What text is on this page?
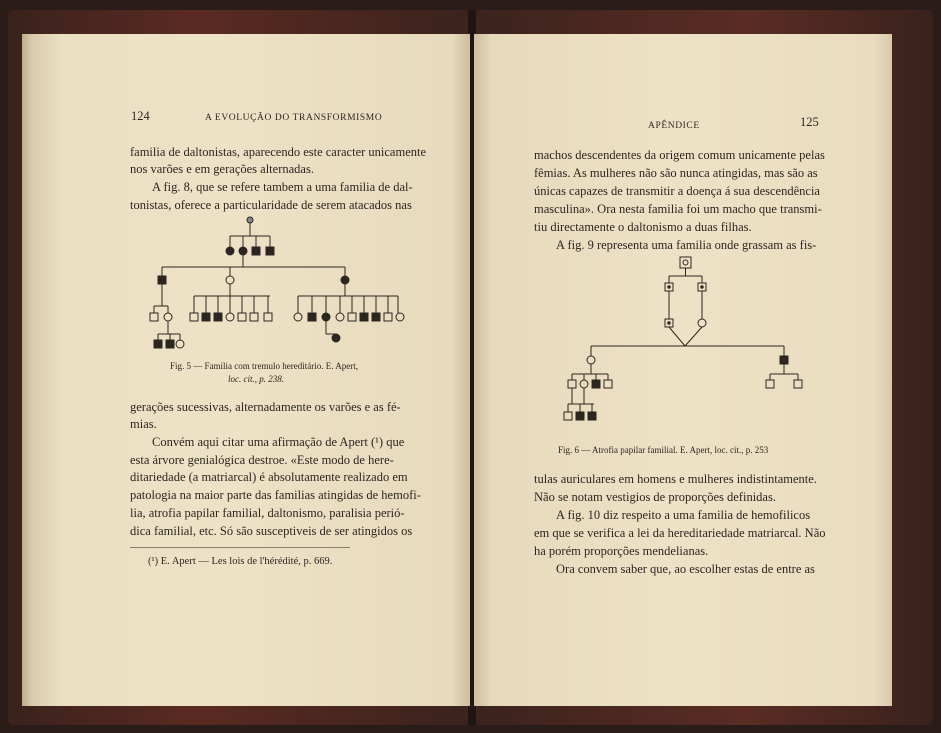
124	A EVOLUÇÃO DO TRANSFORMISMO
familia de daltonistas, aparecendo este caracter unicamente
nos varões e em gerações alternadas.
A fig. 8, que se refere tambem a uma familia de dal-
tonistas, oferece a particularidade de serem atacados nas
Fig. 5 — Familia com tremulo hereditário. E. Apert,
loc. cit., p. 238.
gerações sucessivas, alternadamente os varões e as fé-
mias.
Convém aqui citar uma afirmação de Apert (¹) que
esta árvore genialógica destroe. «Este modo de here-
ditariedade (a matriarcal) é absolutamente realizado em
patologia na maior parte das familias atingidas de hemofi-
lia, atrofia papilar familial, daltonismo, paralisia perió-
dica familial, etc. Só são susceptiveis de ser atingidos os
(¹) E. Apert — Les lois de l'hérédité, p. 669.
APÊNDICE	125
machos descendentes da origem comum unicamente pelas
fêmias. As mulheres não são nunca atingidas, mas são as
únicas capazes de transmitir a doença á sua descendência
masculina». Ora nesta familia foi um macho que transmi-
tiu directamente o daltonismo a duas filhas.
A fig. 9 representa uma familia onde grassam as fis-
Fig. 6 — Atrofia papilar familial. E. Apert, loc. cit., p. 253
tulas auriculares em homens e mulheres indistintamente.
Não se notam vestigios de proporções definidas.
A fig. 10 diz respeito a uma familia de hemofilicos
em que se verifica a lei da hereditariedade matriarcal. Não
ha porém proporções mendelianas.
Ora convem saber que, ao escolher estas de entre as
